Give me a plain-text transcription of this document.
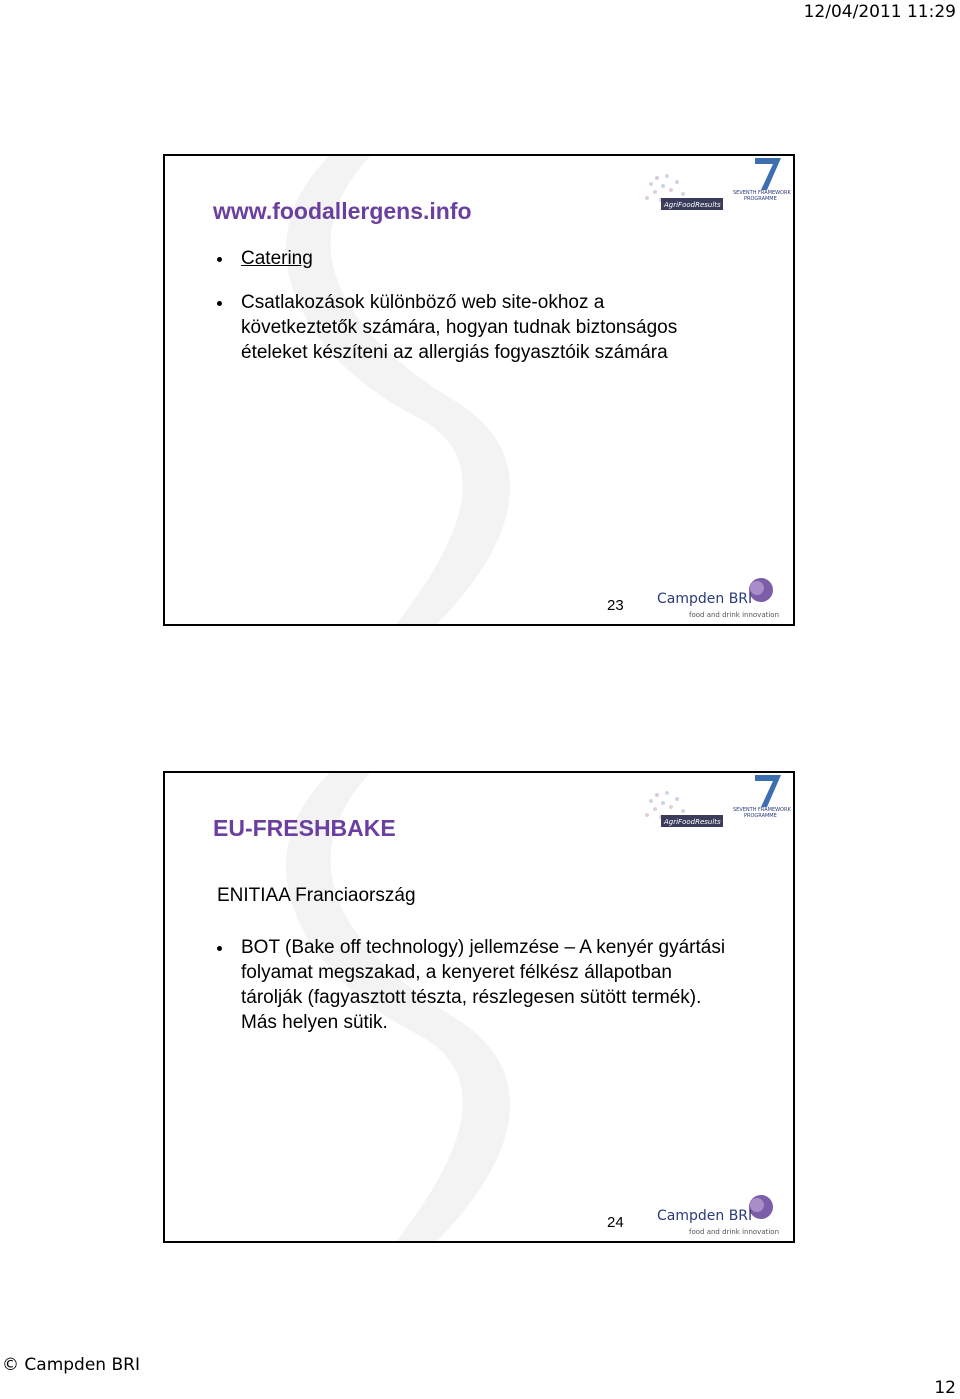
12/04/2011 11:29
AgriFoodResults
SEVENTH FRAMEWORK
PROGRAMME
www.foodallergens.info
Catering
Csatlakozások különböző web site-okhoz a következtetők számára, hogyan tudnak biztonságos ételeket készíteni az allergiás fogyasztóik számára
23 Campden BRI
food and drink innovation
AgriFoodResults
SEVENTH FRAMEWORK
PROGRAMME
EU-FRESHBAKE
ENITIAA Franciaország
BOT (Bake off technology) jellemzése – A kenyér gyártási folyamat megszakad, a kenyeret félkész állapotban tárolják (fagyasztott tészta, részlegesen sütött termék). Más helyen sütik.
24 Campden BRI
food and drink innovation
© Campden BRI
12
